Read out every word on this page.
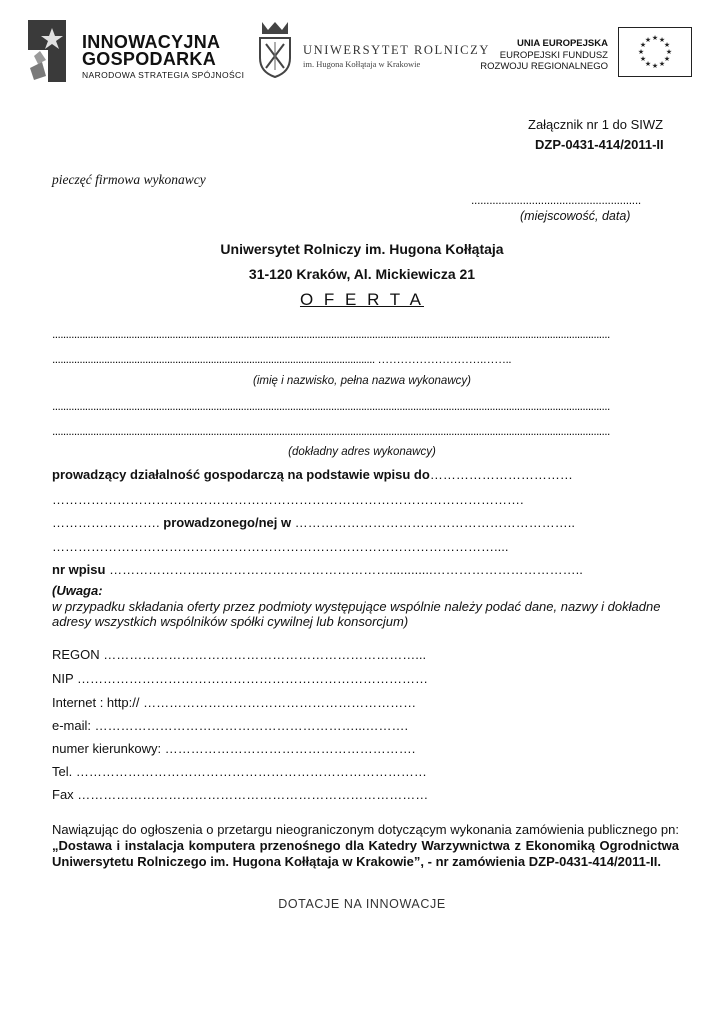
INNOWACYJNA
GOSPODARKA
NARODOWA STRATEGIA SPÓJNOŚCI
UNIWERSYTET ROLNICZY
im. Hugona Kołłątaja w Krakowie
UNIA EUROPEJSKA
EUROPEJSKI FUNDUSZ
ROZWOJU REGIONALNEGO
★ ★
★
★
★
★
★
★
★
★
★
★
Załącznik nr 1 do SIWZ
DZP-0431-414/2011-II
pieczęć firmowa wykonawcy
........................................................
(miejscowość, data)
Uniwersytet Rolniczy im. Hugona Kołłątaja
31-120 Kraków, Al. Mickiewicza 21
O F E R T A
............................................................................................................................................................................................................
...................................................................................................................... ……………………….……..
(imię i nazwisko, pełna nazwa wykonawcy)
............................................................................................................................................................................................................
............................................................................................................................................................................................................
(dokładny adres wykonawcy)
prowadzący działalność gospodarczą na podstawie wpisu do……………………………
……………………………………………………………………………………………….
……………………. prowadzonego/nej w ………………………………………………………..
…………………………………………………………………………………………....
nr wpisu …………………..……………………………………............……………………………..
(Uwaga:
w przypadku składania oferty przez podmioty występujące wspólnie należy podać dane, nazwy i dokładne adresy wszystkich wspólników spółki cywilnej lub konsorcjum)
REGON ………………………………………………………………...
NIP ………………………………………………………………………
Internet : http:// ………………………………………………………
e-mail: ……………………………………………………...……….
numer kierunkowy: ………………………………………………….
Tel. ………………………………………………………………………
Fax ………………………………………………………………………
Nawiązując do ogłoszenia o przetargu nieograniczonym dotyczącym wykonania zamówienia publicznego pn: „Dostawa i instalacja komputera przenośnego dla Katedry Warzywnictwa z Ekonomiką Ogrodnictwa Uniwersytetu Rolniczego im. Hugona Kołłątaja w Krakowie”, - nr zamówienia DZP-0431-414/2011-II.
DOTACJE NA INNOWACJE
